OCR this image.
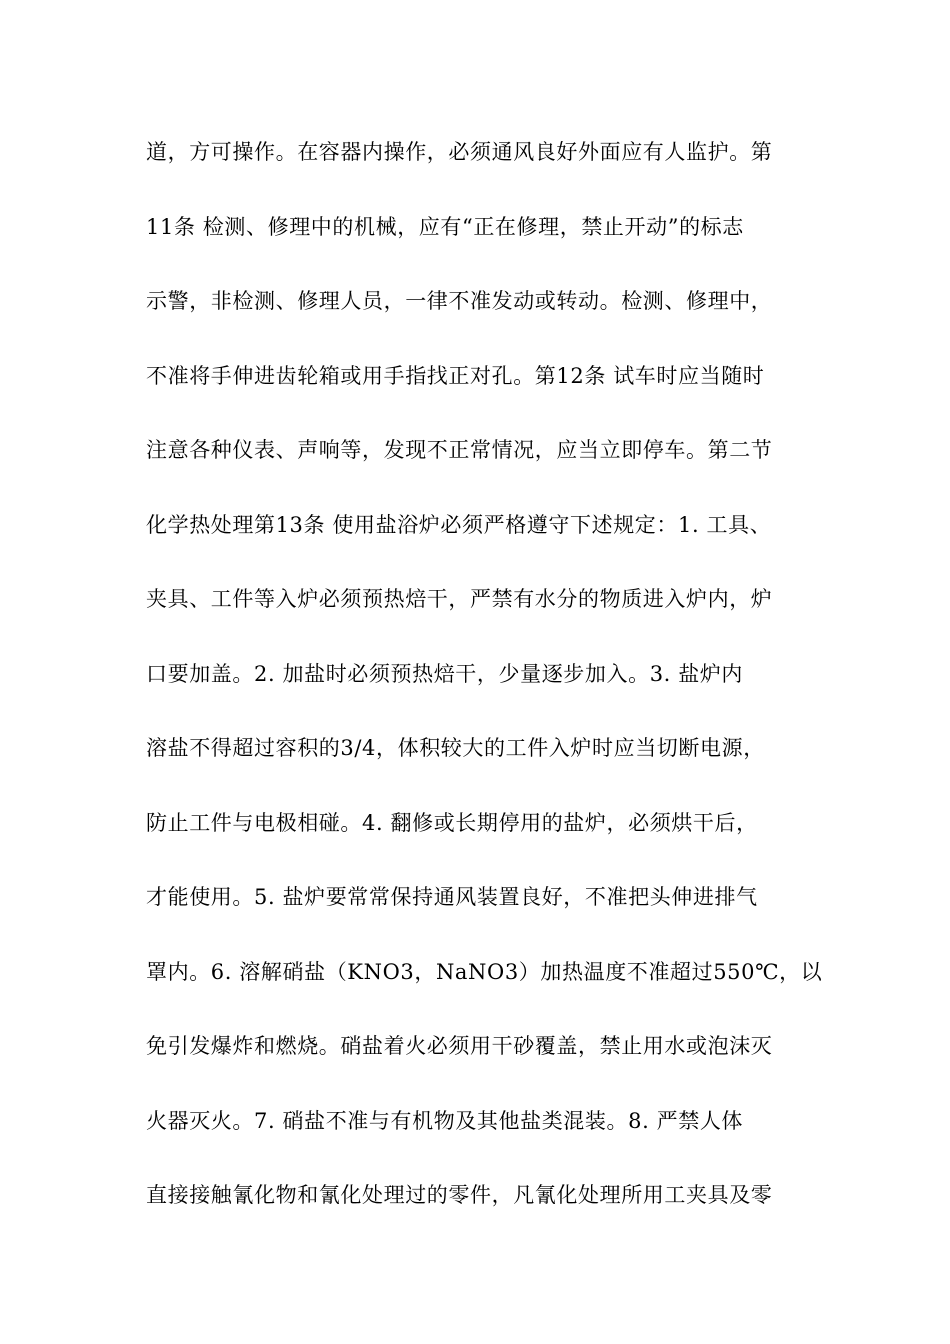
道，方可操作。在容器内操作，必须通风良好外面应有人监护。第
11条 检测、修理中的机械，应有“正在修理，禁止开动”的标志
示警，非检测、修理人员，一律不准发动或转动。检测、修理中，
不准将手伸进齿轮箱或用手指找正对孔。第12条 试车时应当随时
注意各种仪表、声响等，发现不正常情况，应当立即停车。第二节
化学热处理第13条 使用盐浴炉必须严格遵守下述规定：1. 工具、
夹具、工件等入炉必须预热焙干，严禁有水分的物质进入炉内，炉
口要加盖。2. 加盐时必须预热焙干，少量逐步加入。3. 盐炉内
溶盐不得超过容积的3/4，体积较大的工件入炉时应当切断电源，
防止工件与电极相碰。4. 翻修或长期停用的盐炉，必须烘干后，
才能使用。5. 盐炉要常常保持通风装置良好，不准把头伸进排气
罩内。6. 溶解硝盐（KNO3，NaNO3）加热温度不准超过550℃，以
免引发爆炸和燃烧。硝盐着火必须用干砂覆盖，禁止用水或泡沫灭
火器灭火。7. 硝盐不准与有机物及其他盐类混装。8. 严禁人体
直接接触氰化物和氰化处理过的零件，凡氰化处理所用工夹具及零
